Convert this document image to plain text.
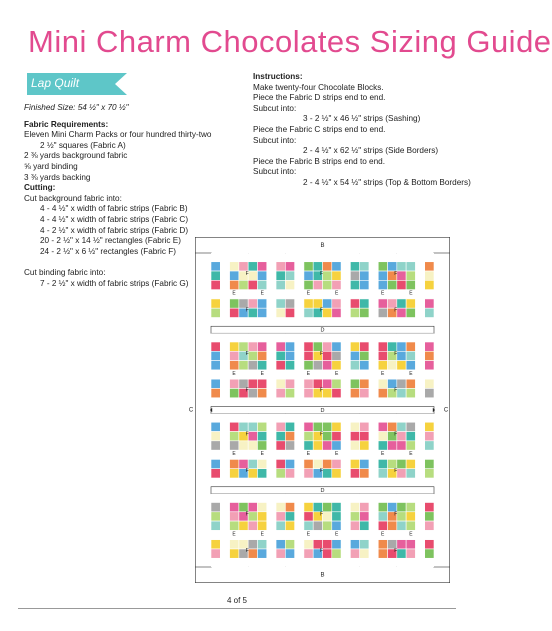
Mini Charm Chocolates Sizing Guide
Lap Quilt
Finished Size: 54 ½" x 70 ½"
Fabric Requirements:
Eleven Mini Charm Packs or four hundred thirty-two
2 ½" squares (Fabric A)
2 ⅜ yards background fabric
⅝ yard binding
3 ⅜ yards backing
Cutting:
Cut background fabric into:
4 - 4 ½" x width of fabric strips (Fabric B)
4 - 4 ½" x width of fabric strips (Fabric C)
4 - 2 ½" x width of fabric strips (Fabric D)
20 - 2 ½" x 14 ½" rectangles (Fabric E)
24 - 2 ½" x 6 ½" rectangles (Fabric F)

Cut binding fabric into:
7 - 2 ½" x width of fabric strips (Fabric G)
Instructions:
Make twenty-four Chocolate Blocks.
Piece the Fabric D strips end to end.
Subcut into:
3 - 2 ½" x 46 ½" strips (Sashing)
Piece the Fabric C strips end to end.
Subcut into:
2 - 4 ½" x 62 ½" strips (Side Borders)
Piece the Fabric B strips end to end.
Subcut into:
2 - 4 ½" x 54 ½" strips (Top & Bottom Borders)
B
B
C	C
F
F
E	E
F
F
E	E
F
F
E	E
D
F
F
E	E
F
F
E	E
F
F
E	E
D
F
F
E	E
F
F
E	E
F
F
E	E
D
F
F
E	E
F
F
E	E
F
F
E	E
4 of 5
